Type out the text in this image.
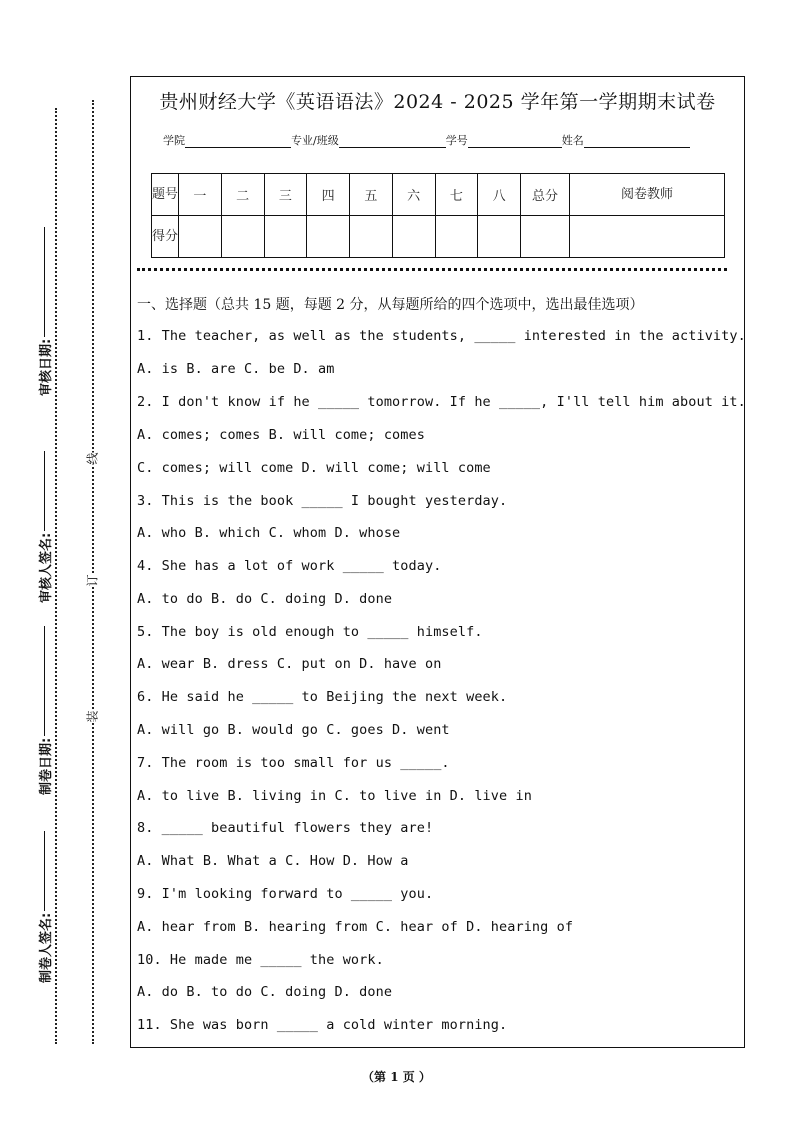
审核日期:
审核人签名:
制卷日期:
制卷人签名:
线
订
装
贵州财经大学《英语语法》2024 - 2025 学年第一学期期末试卷
学院	专业/班级	学号	姓名
题号	一	二	三	四	五	六	七	八	总分	阅卷教师
得分										
一、选择题（总共 15 题，每题 2 分，从每题所给的四个选项中，选出最佳选项）
1. The teacher, as well as the students, _____ interested in the activity.
A. is B. are C. be D. am
2. I don't know if he _____ tomorrow. If he _____, I'll tell him about it.
A. comes; comes B. will come; comes
C. comes; will come D. will come; will come
3. This is the book _____ I bought yesterday.
A. who B. which C. whom D. whose
4. She has a lot of work _____ today.
A. to do B. do C. doing D. done
5. The boy is old enough to _____ himself.
A. wear B. dress C. put on D. have on
6. He said he _____ to Beijing the next week.
A. will go B. would go C. goes D. went
7. The room is too small for us _____.
A. to live B. living in C. to live in D. live in
8. _____ beautiful flowers they are!
A. What B. What a C. How D. How a
9. I'm looking forward to _____ you.
A. hear from B. hearing from C. hear of D. hearing of
10. He made me _____ the work.
A. do B. to do C. doing D. done
11. She was born _____ a cold winter morning.
（第 1 页 ）
